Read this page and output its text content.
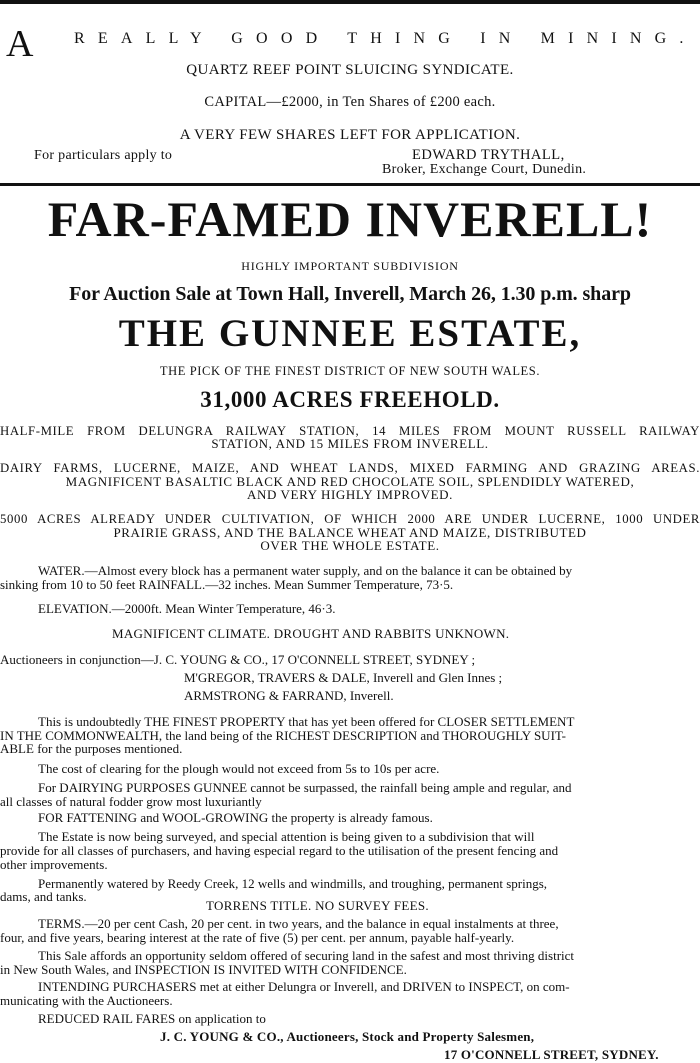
A	REALLY GOOD THING IN MINING.
QUARTZ REEF POINT SLUICING SYNDICATE.
CAPITAL—£2000, in Ten Shares of £200 each.
A VERY FEW SHARES LEFT FOR APPLICATION.
For particulars apply to	EDWARD TRYTHALL,
Broker, Exchange Court, Dunedin.
FAR-FAMED INVERELL!
HIGHLY IMPORTANT SUBDIVISION
For Auction Sale at Town Hall, Inverell, March 26, 1.30 p.m. sharp
THE GUNNEE ESTATE,
THE PICK OF THE FINEST DISTRICT OF NEW SOUTH WALES.
31,000 ACRES FREEHOLD.
HALF-MILE FROM DELUNGRA RAILWAY STATION, 14 MILES FROM MOUNT RUSSELL RAILWAY
STATION, AND 15 MILES FROM INVERELL.
DAIRY FARMS, LUCERNE, MAIZE, AND WHEAT LANDS, MIXED FARMING AND GRAZING AREAS.
MAGNIFICENT BASALTIC BLACK AND RED CHOCOLATE SOIL, SPLENDIDLY WATERED,
AND VERY HIGHLY IMPROVED.
5000 ACRES ALREADY UNDER CULTIVATION, OF WHICH 2000 ARE UNDER LUCERNE, 1000 UNDER
PRAIRIE GRASS, AND THE BALANCE WHEAT AND MAIZE, DISTRIBUTED
OVER THE WHOLE ESTATE.
WATER.—Almost every block has a permanent water supply, and on the balance it can be obtained by
sinking from 10 to 50 feet RAINFALL.—32 inches. Mean Summer Temperature, 73·5.
ELEVATION.—2000ft. Mean Winter Temperature, 46·3.
MAGNIFICENT CLIMATE. DROUGHT AND RABBITS UNKNOWN.
Auctioneers in conjunction—J. C. YOUNG & CO., 17 O'CONNELL STREET, SYDNEY ;
M'GREGOR, TRAVERS & DALE, Inverell and Glen Innes ;
ARMSTRONG & FARRAND, Inverell.
This is undoubtedly THE FINEST PROPERTY that has yet been offered for CLOSER SETTLEMENT
IN THE COMMONWEALTH, the land being of the RICHEST DESCRIPTION and THOROUGHLY SUIT-
ABLE for the purposes mentioned.
The cost of clearing for the plough would not exceed from 5s to 10s per acre.
For DAIRYING PURPOSES GUNNEE cannot be surpassed, the rainfall being ample and regular, and
all classes of natural fodder grow most luxuriantly
FOR FATTENING and WOOL-GROWING the property is already famous.
The Estate is now being surveyed, and special attention is being given to a subdivision that will
provide for all classes of purchasers, and having especial regard to the utilisation of the present fencing and
other improvements.
Permanently watered by Reedy Creek, 12 wells and windmills, and troughing, permanent springs,
dams, and tanks.
TORRENS TITLE. NO SURVEY FEES.
TERMS.—20 per cent Cash, 20 per cent. in two years, and the balance in equal instalments at three,
four, and five years, bearing interest at the rate of five (5) per cent. per annum, payable half-yearly.
This Sale affords an opportunity seldom offered of securing land in the safest and most thriving district
in New South Wales, and INSPECTION IS INVITED WITH CONFIDENCE.
INTENDING PURCHASERS met at either Delungra or Inverell, and DRIVEN to INSPECT, on com-
municating with the Auctioneers.
REDUCED RAIL FARES on application to
J. C. YOUNG & CO., Auctioneers, Stock and Property Salesmen,
17 O'CONNELL STREET, SYDNEY.
